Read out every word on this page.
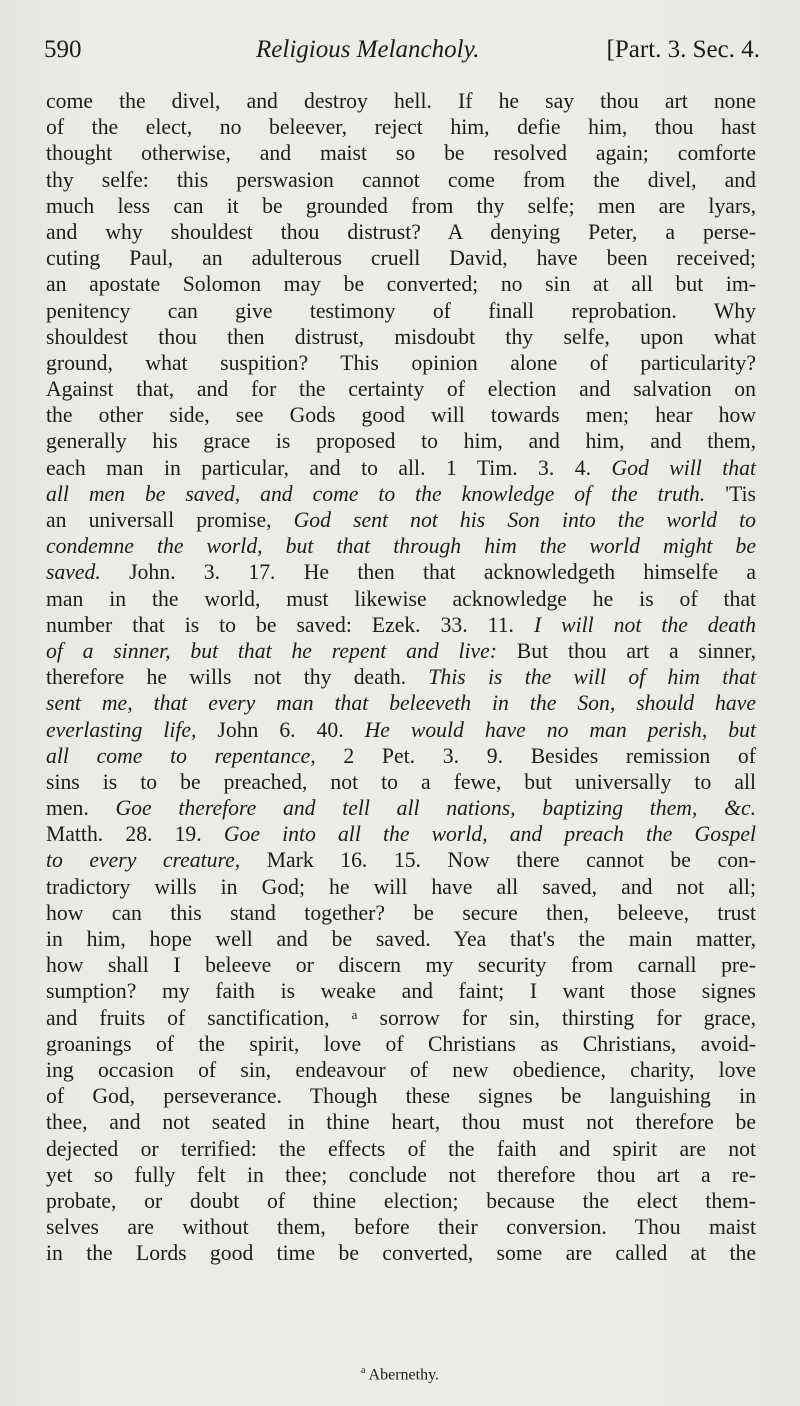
590	Religious Melancholy.	[Part. 3. Sec. 4.
come the divel, and destroy hell. If he say thou art none
of the elect, no beleever, reject him, defie him, thou hast
thought otherwise, and maist so be resolved again; comforte
thy selfe: this perswasion cannot come from the divel, and
much less can it be grounded from thy selfe; men are lyars,
and why shouldest thou distrust? A denying Peter, a perse-
cuting Paul, an adulterous cruell David, have been received;
an apostate Solomon may be converted; no sin at all but im-
penitency can give testimony of finall reprobation. Why
shouldest thou then distrust, misdoubt thy selfe, upon what
ground, what suspition? This opinion alone of particularity?
Against that, and for the certainty of election and salvation on
the other side, see Gods good will towards men; hear how
generally his grace is proposed to him, and him, and them,
each man in particular, and to all. 1 Tim. 3. 4. God will that
all men be saved, and come to the knowledge of the truth. 'Tis
an universall promise, God sent not his Son into the world to
condemne the world, but that through him the world might be
saved. John. 3. 17. He then that acknowledgeth himselfe a
man in the world, must likewise acknowledge he is of that
number that is to be saved: Ezek. 33. 11. I will not the death
of a sinner, but that he repent and live: But thou art a sinner,
therefore he wills not thy death. This is the will of him that
sent me, that every man that beleeveth in the Son, should have
everlasting life, John 6. 40. He would have no man perish, but
all come to repentance, 2 Pet. 3. 9. Besides remission of
sins is to be preached, not to a fewe, but universally to all
men. Goe therefore and tell all nations, baptizing them, &c.
Matth. 28. 19. Goe into all the world, and preach the Gospel
to every creature, Mark 16. 15. Now there cannot be con-
tradictory wills in God; he will have all saved, and not all;
how can this stand together? be secure then, beleeve, trust
in him, hope well and be saved. Yea that's the main matter,
how shall I beleeve or discern my security from carnall pre-
sumption? my faith is weake and faint; I want those signes
and fruits of sanctification, ᵃ sorrow for sin, thirsting for grace,
groanings of the spirit, love of Christians as Christians, avoid-
ing occasion of sin, endeavour of new obedience, charity, love
of God, perseverance. Though these signes be languishing in
thee, and not seated in thine heart, thou must not therefore be
dejected or terrified: the effects of the faith and spirit are not
yet so fully felt in thee; conclude not therefore thou art a re-
probate, or doubt of thine election; because the elect them-
selves are without them, before their conversion. Thou maist
in the Lords good time be converted, some are called at the
$^a$ Abernethy.
